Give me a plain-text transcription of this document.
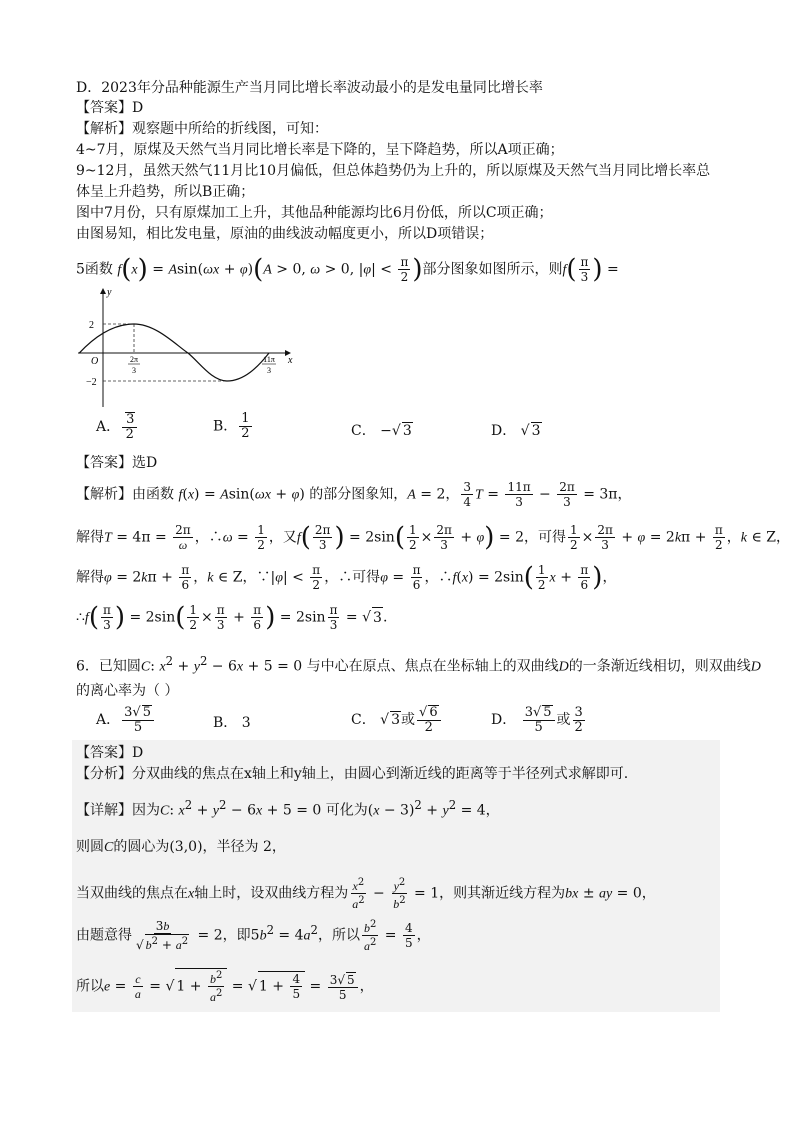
D．2023年分品种能源生产当月同比增长率波动最小的是发电量同比增长率
【答案】D
【解析】观察题中所给的折线图，可知：
4~7月，原煤及天然气当月同比增长率是下降的，呈下降趋势，所以A项正确；
9~12月，虽然天然气11月比10月偏低，但总体趋势仍为上升的，所以原煤及天然气当月同比增长率总
体呈上升趋势，所以B正确；
图中7月份，只有原煤加工上升，其他品种能源均比6月份低，所以C项正确；
由图易知，相比发电量，原油的曲线波动幅度更小，所以D项错误；
5函数 f(x) = Asin(ωx + φ)(A > 0, ω > 0, $|\varphi| < \frac{\pi}{2}$ )部分图象如图所示，则$f( \frac{\pi}{3}$ ) =
y
x
O
2
−2
2π
3
11π
3
A． $\frac{3}{2}$	B． $\frac{1}{2}$	C． −√ 3	D． √ 3
【答案】选D
【解析】由函数 f(x) = Asin(ωx + φ) 的部分图象知，A = 2， $\frac{3}{4}$ $T = \frac{11\pi}{3} - \frac{2\pi}{3} = 3\pi$，
解得$T = 4\pi = \frac{2\pi}{\omega}$ ，∴ω = $\frac{1}{2}$ ，又$f( \frac{2\pi}{3}$ ) = $2\sin( \frac{1}{2} \times \frac{2\pi}{3} + \varphi) = 2$，可得 $\frac{1}{2} \times \frac{2\pi}{3} + \varphi = 2k\pi + \frac{\pi}{2}$ ，k ∈ Z，
解得$\varphi = 2k\pi + \frac{\pi}{6}$ ，k ∈ Z，∵|φ| < $\frac{\pi}{2}$ ，∴可得$\varphi = \frac{\pi}{6}$ ，∴f(x) = $2\sin( \frac{1}{2}$ $x + \frac{\pi}{6}$ )，
∴f( $\frac{\pi}{3}$ ) = $2\sin( \frac{1}{2} \times \frac{\pi}{3} + \frac{\pi}{6}$ ) = $2\sin \frac{\pi}{3}$ = √ 3.
6．已知圆C: $x^2 + y^2 - 6x + 5 = 0$ 与中心在原点、焦点在坐标轴上的双曲线D的一条渐近线相切，则双曲线D
的离心率为（ ）
A． $\frac{3√ 5}{5}$	B． 3	C． √ 3或 $\frac{√ 6}{2}$	D． $\frac{3√ 5}{5}$ 或 $\frac{3}{2}$
【答案】D
【分析】分双曲线的焦点在x轴上和y轴上，由圆心到渐近线的距离等于半径列式求解即可.
【详解】因为C: $x^2 + y^2 - 6x + 5 = 0$ 可化为$(x - 3)^2 + y^2 = 4$，
则圆C的圆心为(3,0)，半径为 2，
当双曲线的焦点在x轴上时，设双曲线方程为 $\frac{x^2}{a^2} - \frac{y^2}{b^2} = 1$，则其渐近线方程为bx ± ay = 0，
由题意得 $\frac{3b}{√ b^2 + a^2} = 2$，即$5b^2 = 4a^2$，所以 $\frac{b^2}{a^2} = \frac{4}{5}$ ，
所以$e = \frac{c}{a}$ = √ $1 + \frac{b^2}{a^2}$ = √ $1 + \frac{4}{5} = \frac{3√ 5}{5}$ ，
